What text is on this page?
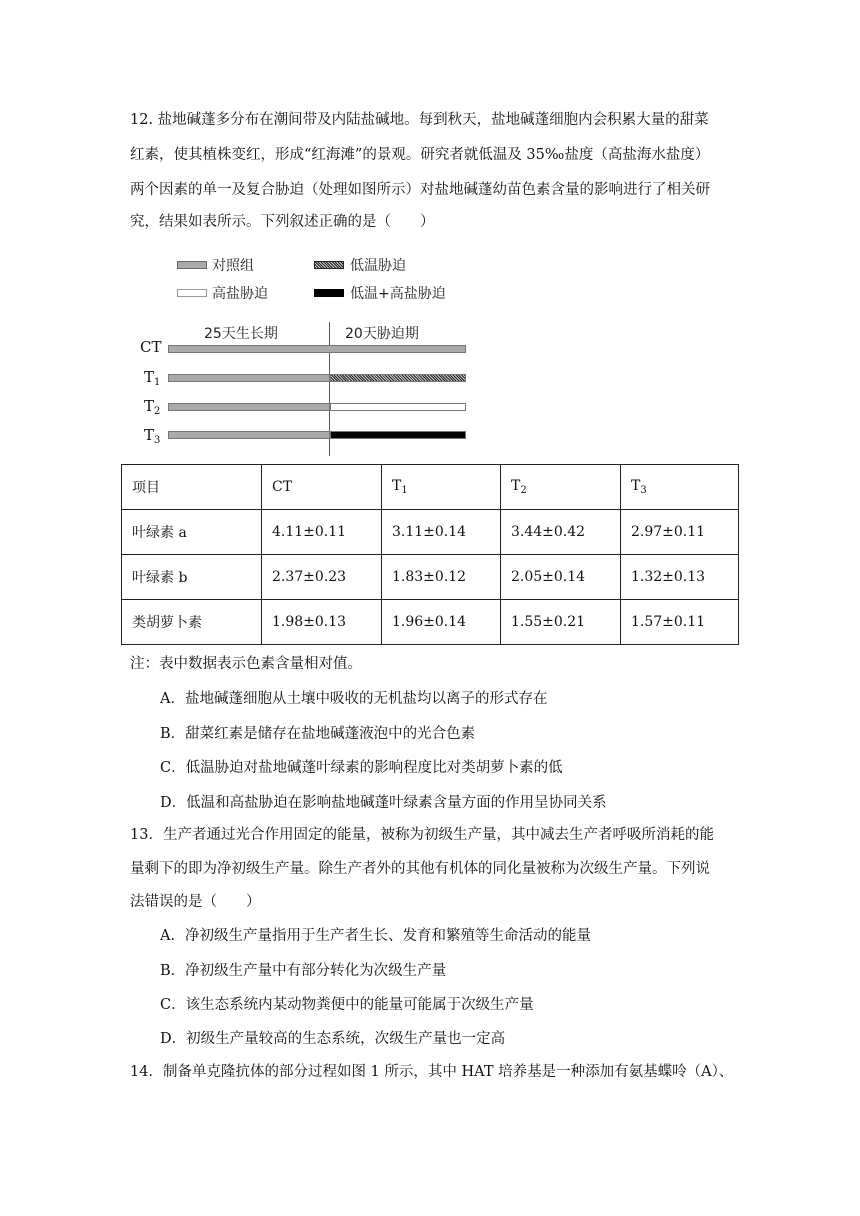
12. 盐地碱蓬多分布在潮间带及内陆盐碱地。每到秋天，盐地碱蓬细胞内会积累大量的甜菜
红素，使其植株变红，形成“红海滩”的景观。研究者就低温及 35‰盐度（高盐海水盐度）
两个因素的单一及复合胁迫（处理如图所示）对盐地碱蓬幼苗色素含量的影响进行了相关研
究，结果如表所示。下列叙述正确的是（　　）
对照组	低温胁迫
高盐胁迫	低温+高盐胁迫
25天生长期	20天胁迫期
CT
$T_1$
$T_2$
$T_3$
项目	CT	$T_1$	$T_2$	$T_3$
叶绿素 a	4.11±0.11	3.11±0.14	3.44±0.42	2.97±0.11
叶绿素 b	2.37±0.23	1.83±0.12	2.05±0.14	1.32±0.13
类胡萝卜素	1.98±0.13	1.96±0.14	1.55±0.21	1.57±0.11
注：表中数据表示色素含量相对值。
A．盐地碱蓬细胞从土壤中吸收的无机盐均以离子的形式存在
B．甜菜红素是储存在盐地碱蓬液泡中的光合色素
C．低温胁迫对盐地碱蓬叶绿素的影响程度比对类胡萝卜素的低
D．低温和高盐胁迫在影响盐地碱蓬叶绿素含量方面的作用呈协同关系
13．生产者通过光合作用固定的能量，被称为初级生产量，其中减去生产者呼吸所消耗的能
量剩下的即为净初级生产量。除生产者外的其他有机体的同化量被称为次级生产量。下列说
法错误的是（　　）
A．净初级生产量指用于生产者生长、发育和繁殖等生命活动的能量
B．净初级生产量中有部分转化为次级生产量
C．该生态系统内某动物粪便中的能量可能属于次级生产量
D．初级生产量较高的生态系统，次级生产量也一定高
14．制备单克隆抗体的部分过程如图 1 所示，其中 HAT 培养基是一种添加有氨基蝶呤（A）、
